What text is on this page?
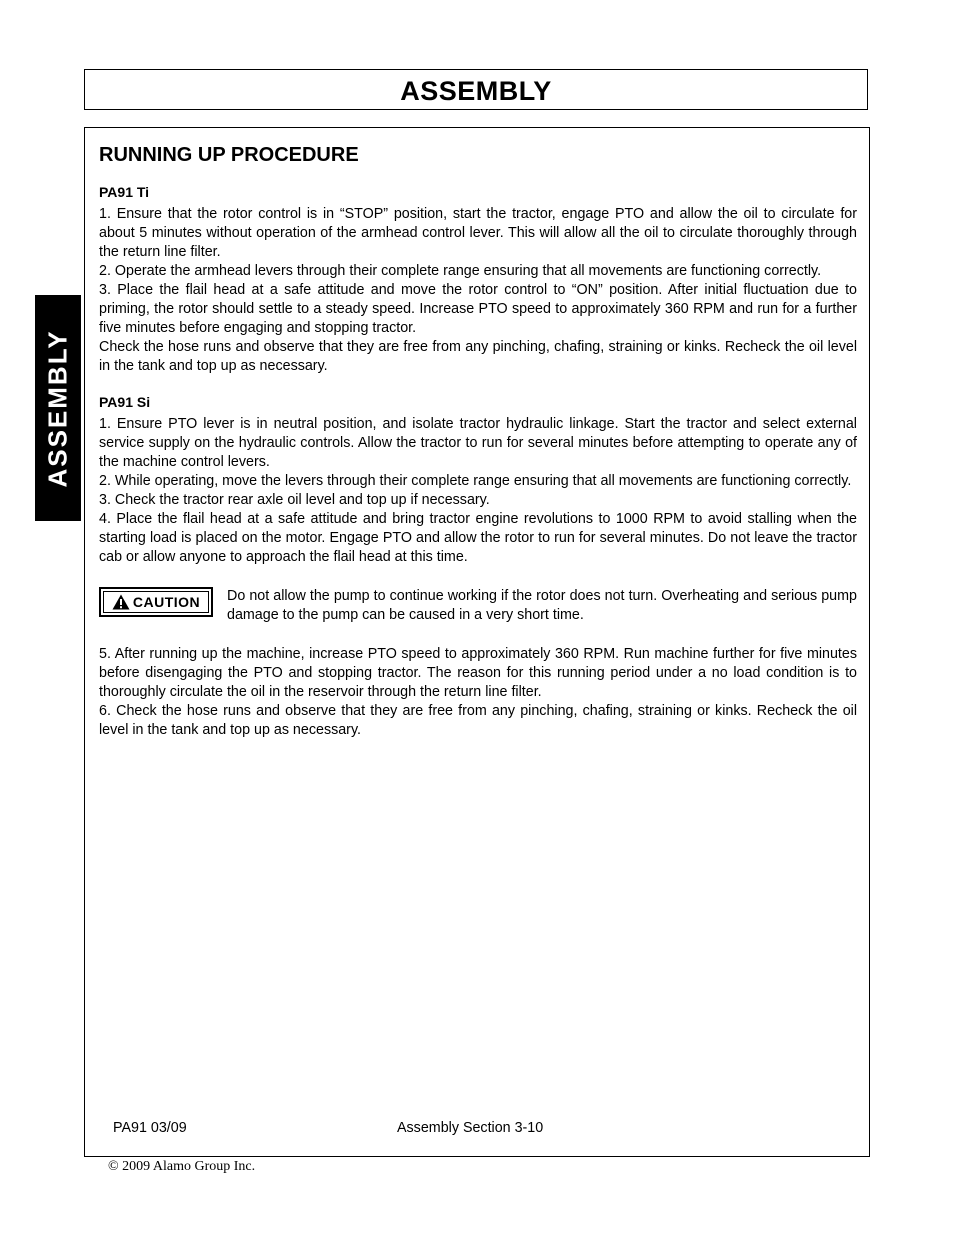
ASSEMBLY
ASSEMBLY
RUNNING UP PROCEDURE
PA91 Ti

1. Ensure that the rotor control is in “STOP” position, start the tractor, engage PTO and allow the oil to circulate for about 5 minutes without operation of the armhead control lever. This will allow all the oil to circulate thoroughly through the return line filter.

2. Operate the armhead levers through their complete range ensuring that all movements are functioning correctly.

3. Place the flail head at a safe attitude and move the rotor control to “ON” position. After initial fluctuation due to priming, the rotor should settle to a steady speed. Increase PTO speed to approximately 360 RPM and run for a further five minutes before engaging and stopping tractor.

Check the hose runs and observe that they are free from any pinching, chafing, straining or kinks. Recheck the oil level in the tank and top up as necessary.

PA91 Si

1. Ensure PTO lever is in neutral position, and isolate tractor hydraulic linkage. Start the tractor and select external service supply on the hydraulic controls. Allow the tractor to run for several minutes before attempting to operate any of the machine control levers.

2. While operating, move the levers through their complete range ensuring that all movements are functioning correctly.

3. Check the tractor rear axle oil level and top up if necessary.

4. Place the flail head at a safe attitude and bring tractor engine revolutions to 1000 RPM to avoid stalling when the starting load is placed on the motor. Engage PTO and allow the rotor to run for several minutes. Do not leave the tractor cab or allow anyone to approach the flail head at this time.

CAUTION Do not allow the pump to continue working if the rotor does not turn. Overheating and serious pump damage to the pump can be caused in a very short time.

5. After running up the machine, increase PTO speed to approximately 360 RPM. Run machine further for five minutes before disengaging the PTO and stopping tractor. The reason for this running period under a no load condition is to thoroughly circulate the oil in the reservoir through the return line filter.

6. Check the hose runs and observe that they are free from any pinching, chafing, straining or kinks. Recheck the oil level in the tank and top up as necessary.

PA91 03/09	Assembly Section 3-10
© 2009 Alamo Group Inc.
